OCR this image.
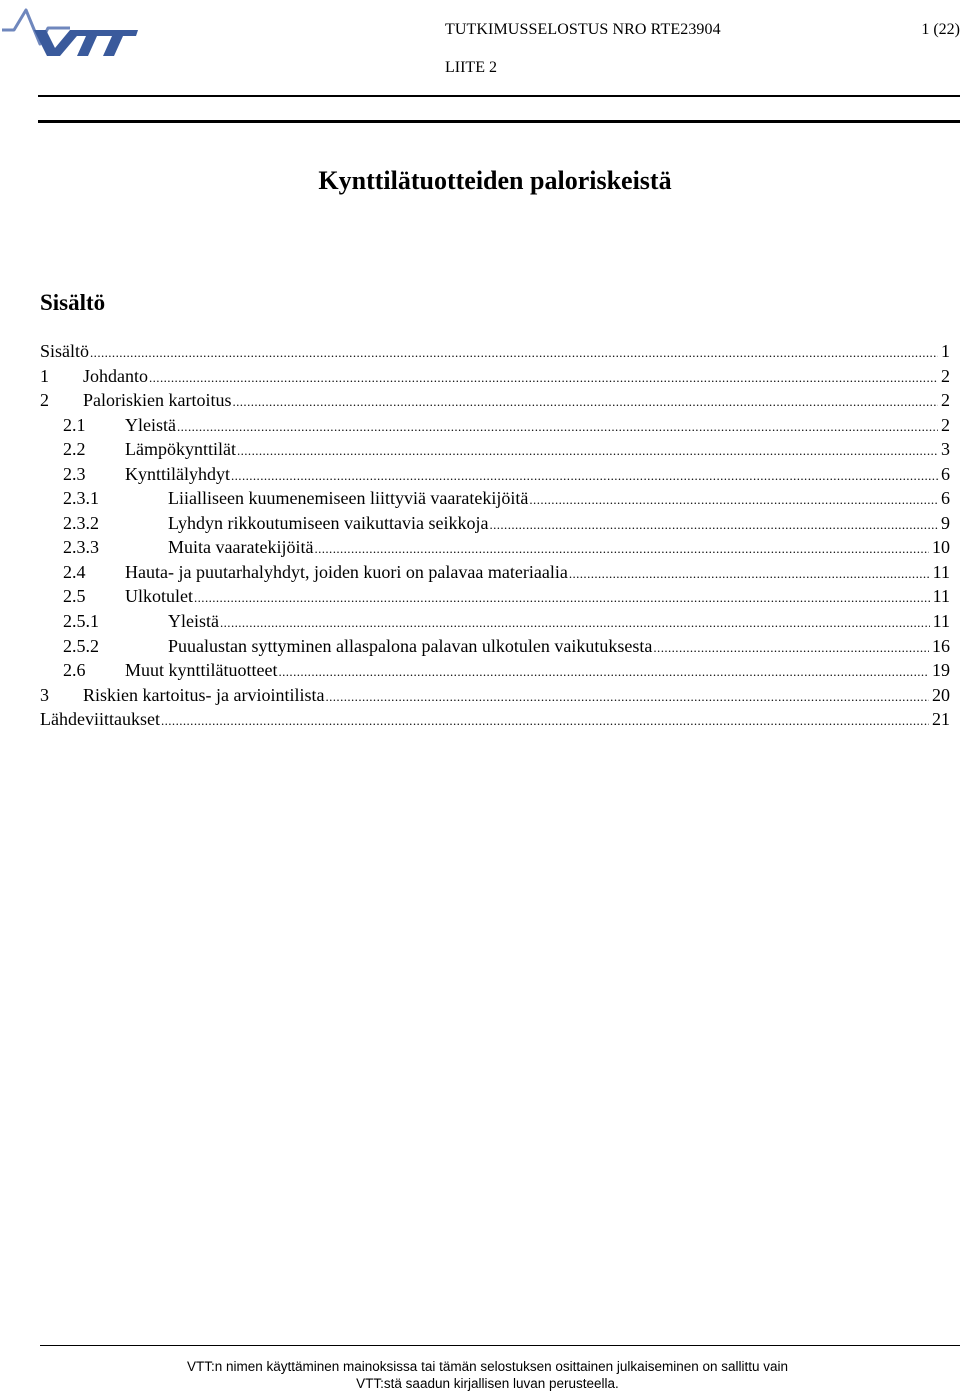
TUTKIMUSSELOSTUS NRO RTE23904	1 (22)
LIITE 2
Kynttilätuotteiden paloriskeistä
Sisältö
Sisältö .....	1
1	Johdanto .....	2
2	Paloriskien kartoitus .....	2
2.1	Yleistä .....	2
2.2	Lämpökynttilät .....	3
2.3	Kynttilälyhdyt .....	6
2.3.1	Liialliseen kuumenemiseen liittyviä vaaratekijöitä .....	6
2.3.2	Lyhdyn rikkoutumiseen vaikuttavia seikkoja .....	9
2.3.3	Muita vaaratekijöitä .....	10
2.4	Hauta- ja puutarhalyhdyt, joiden kuori on palavaa materiaalia .....	11
2.5	Ulkotulet .....	11
2.5.1	Yleistä .....	11
2.5.2	Puualustan syttyminen allaspalona palavan ulkotulen vaikutuksesta .....	16
2.6	Muut kynttilätuotteet .....	19
3	Riskien kartoitus- ja arviointilista .....	20
Lähdeviittaukset .....	21
VTT:n nimen käyttäminen mainoksissa tai tämän selostuksen osittainen julkaiseminen on sallittu vain
VTT:stä saadun kirjallisen luvan perusteella.
